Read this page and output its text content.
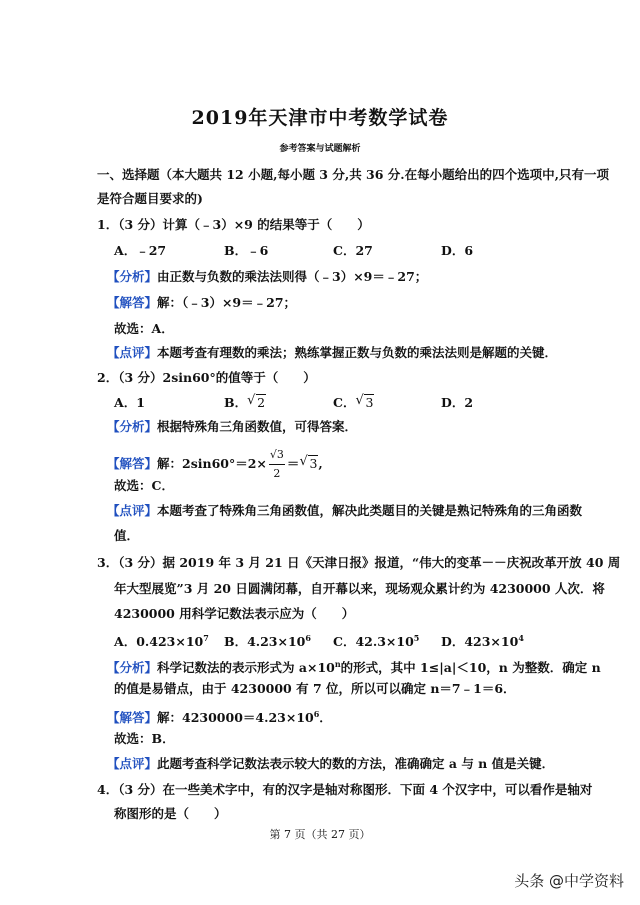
2019年天津市中考数学试卷
参考答案与试题解析
一、选择题（本大题共 12 小题,每小题 3 分,共 36 分.在每小题给出的四个选项中,只有一项
是符合题目要求的)
1．（3 分）计算（﹣3）×9 的结果等于（　　）
A．﹣27	B．﹣6	C．27	D．6
【分析】由正数与负数的乘法法则得（﹣3）×9＝﹣27；
【解答】解：（﹣3）×9＝﹣27；
故选：A．
【点评】本题考查有理数的乘法；熟练掌握正数与负数的乘法法则是解题的关键．
2．（3 分）2sin60°的值等于（　　）
A．1	B． √ 2	C． √ 3	D．2
【分析】根据特殊角三角函数值，可得答案．
【解答】解：$2\sin 60^\circ=2\times \frac{√3}{2}$ ＝ √ 3,
故选：C．
【点评】本题考查了特殊角三角函数值，解决此类题目的关键是熟记特殊角的三角函数
值．
3．（3 分）据 2019 年 3 月 21 日《天津日报》报道，“伟大的变革－－庆祝改革开放 40 周
年大型展览”3 月 20 日圆满闭幕，自开幕以来，现场观众累计约为 4230000 人次．将
4230000 用科学记数法表示应为（　　）
A．$0.423\times 10^7$ B．$4.23\times 10^6$ C．$42.3\times 10^5$ D．$423\times 10^4$
【分析】科学记数法的表示形式为 $a\times 10^n$的形式，其中 1≤|a|＜10，n 为整数．确定 n
的值是易错点，由于 4230000 有 7 位，所以可以确定 n＝7﹣1＝6．
【解答】解：$4230000=4.23\times 10^6$．
故选：B．
【点评】此题考查科学记数法表示较大的数的方法，准确确定 a 与 n 值是关键．
4．（3 分）在一些美术字中，有的汉字是轴对称图形．下面 4 个汉字中，可以看作是轴对
称图形的是（　　）
第 7 页（共 27 页）
头条 @中学资料
